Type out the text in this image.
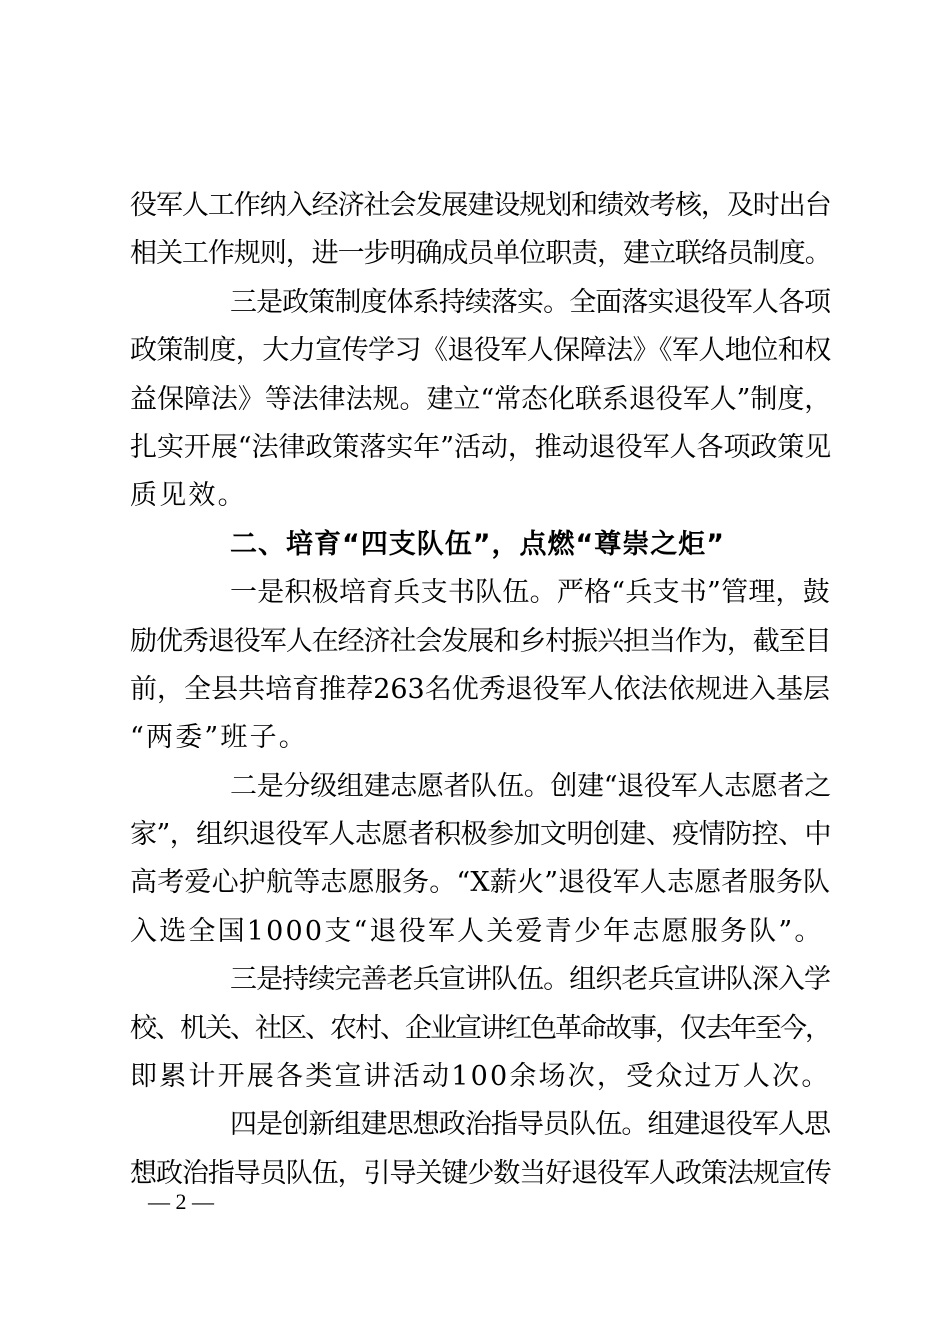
役军人工作纳入经济社会发展建设规划和绩效考核，及时出台
相关工作规则，进一步明确成员单位职责，建立联络员制度。
三是政策制度体系持续落实。全面落实退役军人各项
政策制度，大力宣传学习《退役军人保障法》《军人地位和权
益保障法》等法律法规。建立“常态化联系退役军人”制度，
扎实开展“法律政策落实年”活动，推动退役军人各项政策见
质见效。
二、培育“四支队伍”，点燃“尊崇之炬”
一是积极培育兵支书队伍。严格“兵支书”管理，鼓
励优秀退役军人在经济社会发展和乡村振兴担当作为，截至目
前，全县共培育推荐263名优秀退役军人依法依规进入基层
“两委”班子。
二是分级组建志愿者队伍。创建“退役军人志愿者之
家”，组织退役军人志愿者积极参加文明创建、疫情防控、中
高考爱心护航等志愿服务。“X薪火”退役军人志愿者服务队
入选全国1000支“退役军人关爱青少年志愿服务队”。
三是持续完善老兵宣讲队伍。组织老兵宣讲队深入学
校、机关、社区、农村、企业宣讲红色革命故事，仅去年至今，
即累计开展各类宣讲活动100余场次，受众过万人次。
四是创新组建思想政治指导员队伍。组建退役军人思
想政治指导员队伍，引导关键少数当好退役军人政策法规宣传
— 2 —
